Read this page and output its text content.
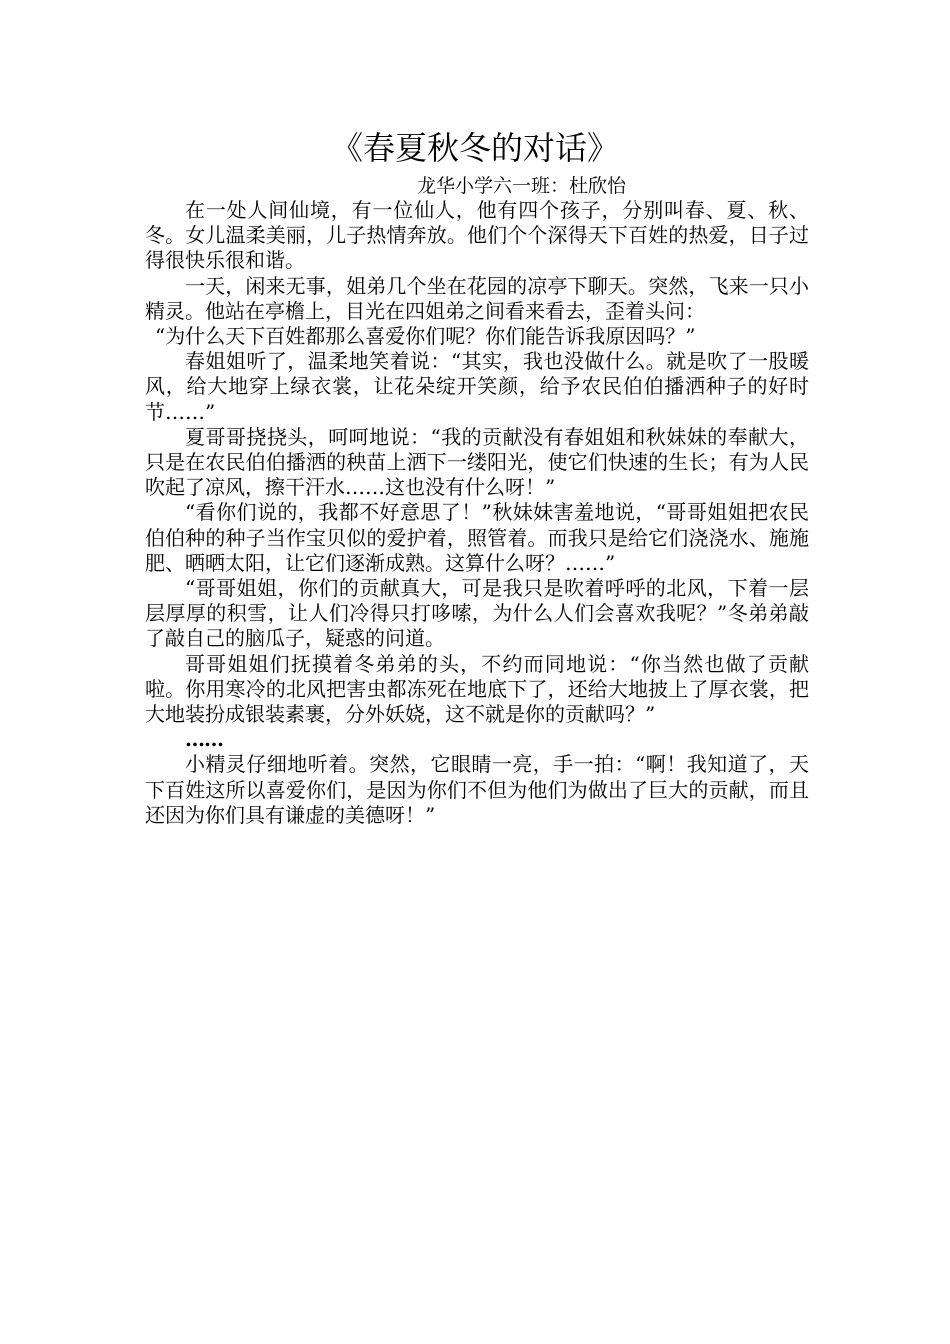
《春夏秋冬的对话》
龙华小学六一班：杜欣怡

在一处人间仙境，有一位仙人，他有四个孩子，分别叫春、夏、秋、冬。女儿温柔美丽，儿子热情奔放。他们个个深得天下百姓的热爱，日子过得很快乐很和谐。

一天，闲来无事，姐弟几个坐在花园的凉亭下聊天。突然，飞来一只小精灵。他站在亭檐上，目光在四姐弟之间看来看去，歪着头问：

“为什么天下百姓都那么喜爱你们呢？你们能告诉我原因吗？”

春姐姐听了，温柔地笑着说：“其实，我也没做什么。就是吹了一股暖风，给大地穿上绿衣裳，让花朵绽开笑颜，给予农民伯伯播洒种子的好时节……”

夏哥哥挠挠头，呵呵地说：“我的贡献没有春姐姐和秋妹妹的奉献大，只是在农民伯伯播洒的秧苗上洒下一缕阳光，使它们快速的生长；有为人民吹起了凉风，擦干汗水……这也没有什么呀！”

“看你们说的，我都不好意思了！”秋妹妹害羞地说，“哥哥姐姐把农民伯伯种的种子当作宝贝似的爱护着，照管着。而我只是给它们浇浇水、施施肥、晒晒太阳，让它们逐渐成熟。这算什么呀？……”

“哥哥姐姐，你们的贡献真大，可是我只是吹着呼呼的北风，下着一层层厚厚的积雪，让人们冷得只打哆嗦，为什么人们会喜欢我呢？”冬弟弟敲了敲自己的脑瓜子，疑惑的问道。

哥哥姐姐们抚摸着冬弟弟的头，不约而同地说：“你当然也做了贡献啦。你用寒冷的北风把害虫都冻死在地底下了，还给大地披上了厚衣裳，把大地装扮成银装素裹，分外妖娆，这不就是你的贡献吗？”

……

小精灵仔细地听着。突然，它眼睛一亮，手一拍：“啊！我知道了，天下百姓这所以喜爱你们，是因为你们不但为他们为做出了巨大的贡献，而且还因为你们具有谦虚的美德呀！”
